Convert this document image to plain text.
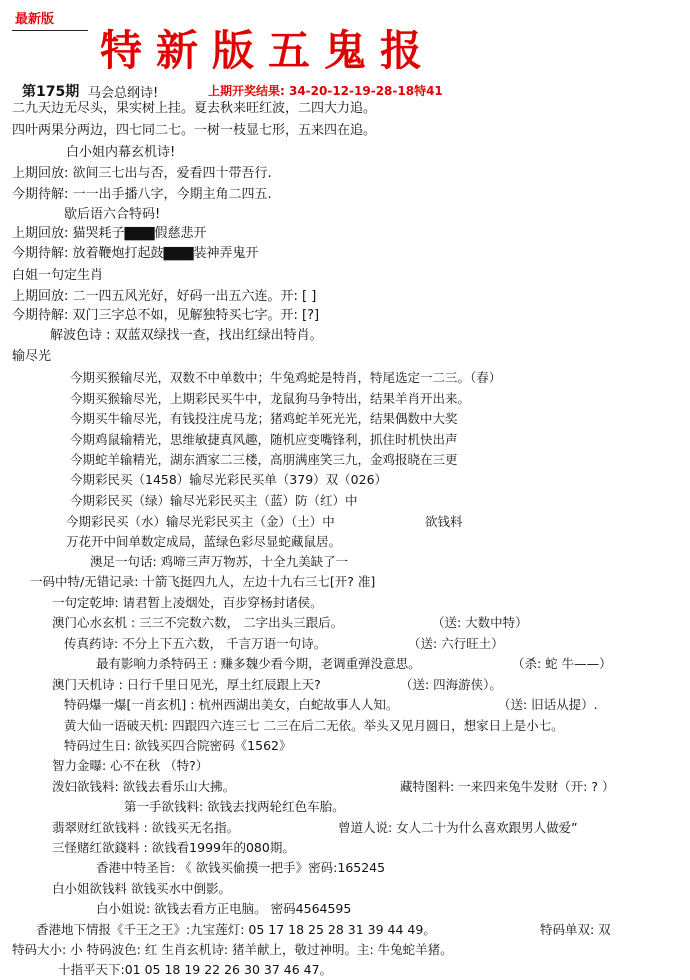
最新版
特新版五鬼报
第175期 马会总纲诗!	上期开奖结果: 34-20-12-19-28-18特41
二九天边无尽头，果实树上挂。夏去秋来旺红波，二四大力追。
四叶两果分两边，四七同二七。一树一枝显七形，五来四在追。
白小姐内幕玄机诗!
上期回放: 欲间三七出与否，爱看四十带吾行.
今期待解: 一一出手播八字，今期主角二四五.
歇后语六合特码!
上期回放: 猫哭耗子▇▇▇假慈悲开
今期待解: 放着鞭炮打起鼓▇▇▇装神弄鬼开
白姐一句定生肖
上期回放: 二一四五风光好，好码一出五六连。开: [ ]
今期待解: 双门三字总不如，见解独特买七字。开: [?]
解波色诗 : 双蓝双绿找一查，找出红绿出特肖。
输尽光
今期买猴输尽光，双数不中单数中；牛兔鸡蛇是特肖，特尾选定一二三。（春）
今期买猴输尽光，上期彩民买牛中，龙鼠狗马争特出，结果羊肖开出来。
今期买牛输尽光，有钱投注虎马龙；猪鸡蛇羊死光光，结果偶数中大奖
今期鸡鼠输精光，思维敏捷真风趣，随机应变嘴锋利，抓住时机快出声
今期蛇羊输精光，湖东酒家二三楼，高朋满座笑三九，金鸡报晓在三更
今期彩民买（1458）输尽光彩民买单（379）双（026）
今期彩民买（绿）输尽光彩民买主（蓝）防（红）中
今期彩民买（水）输尽光彩民买主（金）（土）中	欲钱料
万花开中间单数定成局，蓝绿色彩尽显蛇藏鼠居。
澳足一句话: 鸡啼三声万物苏，十全九美缺了一
一码中特/无错记录: 十箭飞挺四九人，左边十九右三七[开? 准]
一句定乾坤: 请君暂上凌烟处，百步穿杨封诸侯。
澳门心水玄机 : 三三不完数六数， 二字出头三跟后。	（送: 大数中特）
传真药诗: 不分上下五六数， 千言万语一句诗。	（送: 六行旺土）
最有影响力杀特码王 : 赚多魏少看今期，老调重弹没意思。	（杀: 蛇 牛——）
澳门天机诗 : 日行千里日见光，厚土红辰跟上天?	（送: 四海游侠）。
特码爆一爆[一肖玄机] : 杭州西湖出美女，白蛇故事人人知。	（送: 旧话从提）.
黄大仙一语破天机: 四跟四六连三七 二三在后二无依。举头又见月圆日，想家日上是小七。
特码过生日: 欲钱买四合院密码《1562》
智力金曝: 心不在秋 （特?）
泼妇欲钱料: 欲钱去看乐山大拂。	藏特图料: 一来四来兔牛发财（开: ? ）
第一手欲钱料: 欲钱去找两轮红色车胎。
翡翠财红欲钱料 : 欲钱买无名指。	曾道人说: 女人二十为什么喜欢跟男人做爱”
三怪赌红欲錢料 : 欲钱看1999年的080期。
香港中特圣旨: 《 欲钱买偷摸一把手》密码:165245
白小姐欲钱料 欲钱买水中倒影。
白小姐说: 欲钱去看方正电脑。 密码4564595
香港地下情报《千王之王》:九宝莲灯: 05 17 18 25 28 31 39 44 49。	特码单双: 双
特码大小: 小 特码波色: 红 生肖玄机诗: 猪羊献上，敬过神明。主: 牛兔蛇羊猪。
十指平天下:01 05 18 19 22 26 30 37 46 47。
